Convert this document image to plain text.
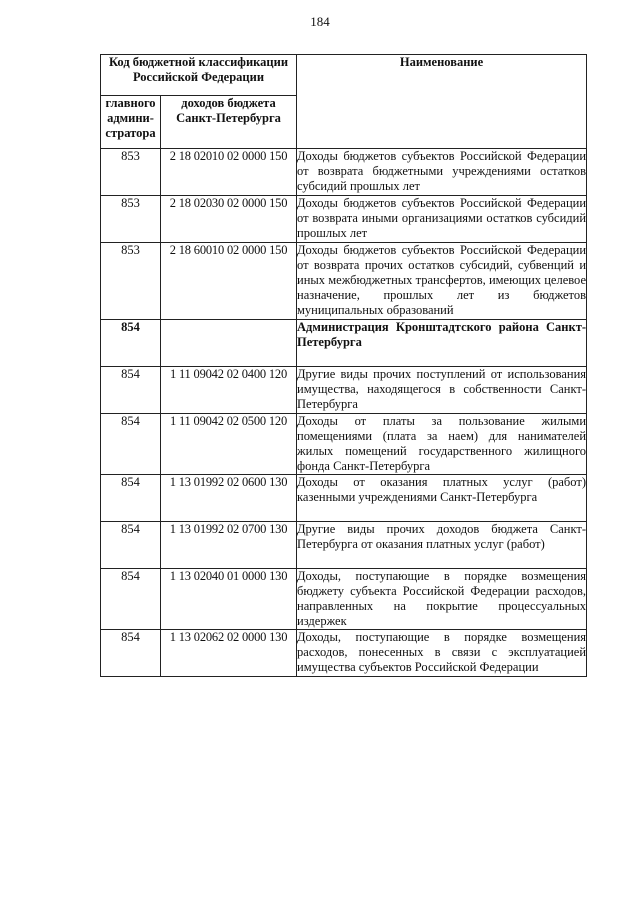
184
Код бюджетной классификации Российской Федерации		Наименование
главного админи-стратора	доходов бюджета Санкт-Петербурга	
853	2 18 02010 02 0000 150	Доходы бюджетов субъектов Российской Федерации от возврата бюджетными учреждениями остатков субсидий прошлых лет
853	2 18 02030 02 0000 150	Доходы бюджетов субъектов Российской Федерации от возврата иными организациями остатков субсидий прошлых лет
853	2 18 60010 02 0000 150	Доходы бюджетов субъектов Российской Федерации от возврата прочих остатков субсидий, субвенций и иных межбюджетных трансфертов, имеющих целевое назначение, прошлых лет из бюджетов муниципальных образований
854		Администрация Кронштадтского района Санкт-Петербурга
854	1 11 09042 02 0400 120	Другие виды прочих поступлений от использования имущества, находящегося в собственности Санкт-Петербурга
854	1 11 09042 02 0500 120	Доходы от платы за пользование жилыми помещениями (плата за наем) для нанимателей жилых помещений государственного жилищного фонда Санкт-Петербурга
854	1 13 01992 02 0600 130	Доходы от оказания платных услуг (работ) казенными учреждениями Санкт-Петербурга
854	1 13 01992 02 0700 130	Другие виды прочих доходов бюджета Санкт-Петербурга от оказания платных услуг (работ)
854	1 13 02040 01 0000 130	Доходы, поступающие в порядке возмещения бюджету субъекта Российской Федерации расходов, направленных на покрытие процессуальных издержек
854	1 13 02062 02 0000 130	Доходы, поступающие в порядке возмещения расходов, понесенных в связи с эксплуатацией имущества субъектов Российской Федерации
